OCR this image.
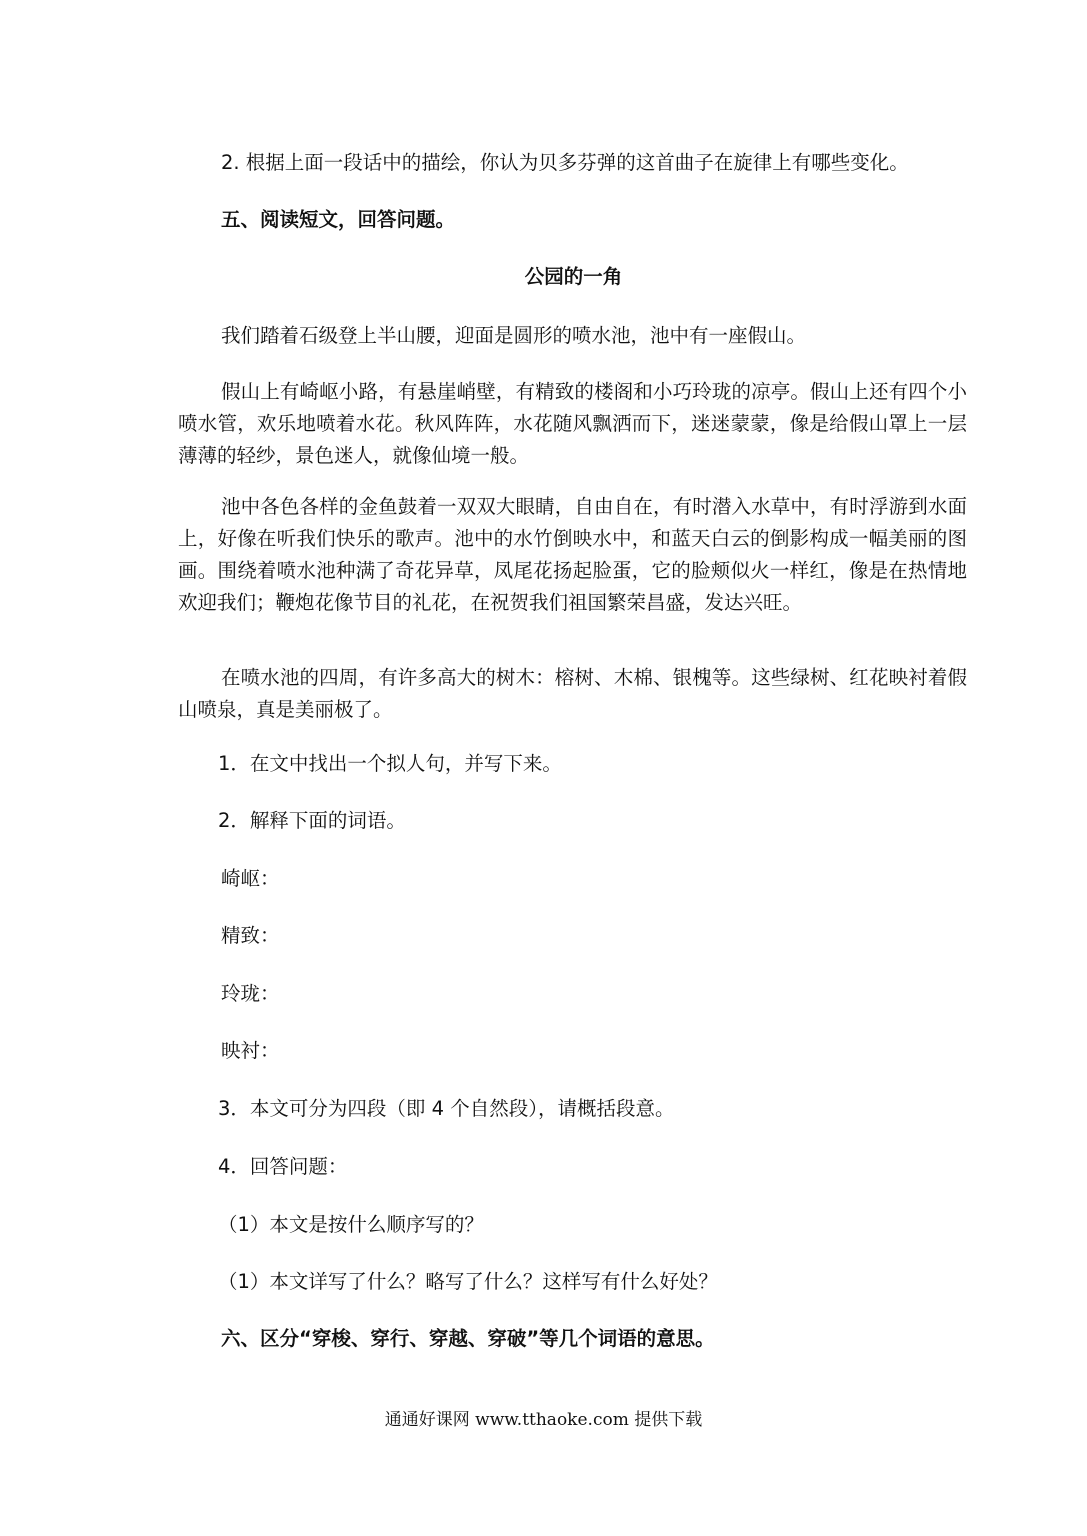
2. 根据上面一段话中的描绘，你认为贝多芬弹的这首曲子在旋律上有哪些变化。
五、阅读短文，回答问题。
公园的一角
我们踏着石级登上半山腰，迎面是圆形的喷水池，池中有一座假山。
假山上有崎岖小路，有悬崖峭壁，有精致的楼阁和小巧玲珑的凉亭。假山上还有四个小喷水管，欢乐地喷着水花。秋风阵阵，水花随风飘洒而下，迷迷蒙蒙，像是给假山罩上一层薄薄的轻纱，景色迷人，就像仙境一般。
池中各色各样的金鱼鼓着一双双大眼睛，自由自在，有时潜入水草中，有时浮游到水面上，好像在听我们快乐的歌声。池中的水竹倒映水中，和蓝天白云的倒影构成一幅美丽的图画。围绕着喷水池种满了奇花异草，凤尾花扬起脸蛋，它的脸颊似火一样红，像是在热情地欢迎我们；鞭炮花像节目的礼花，在祝贺我们祖国繁荣昌盛，发达兴旺。
在喷水池的四周，有许多高大的树木：榕树、木棉、银槐等。这些绿树、红花映衬着假山喷泉，真是美丽极了。
1．在文中找出一个拟人句，并写下来。
2．解释下面的词语。
崎岖：
精致：
玲珑：
映衬：
3．本文可分为四段（即 4 个自然段），请概括段意。
4．回答问题：
（1）本文是按什么顺序写的？
（1）本文详写了什么？略写了什么？这样写有什么好处？
六、区分“穿梭、穿行、穿越、穿破”等几个词语的意思。
通通好课网 www.tthaoke.com 提供下载
